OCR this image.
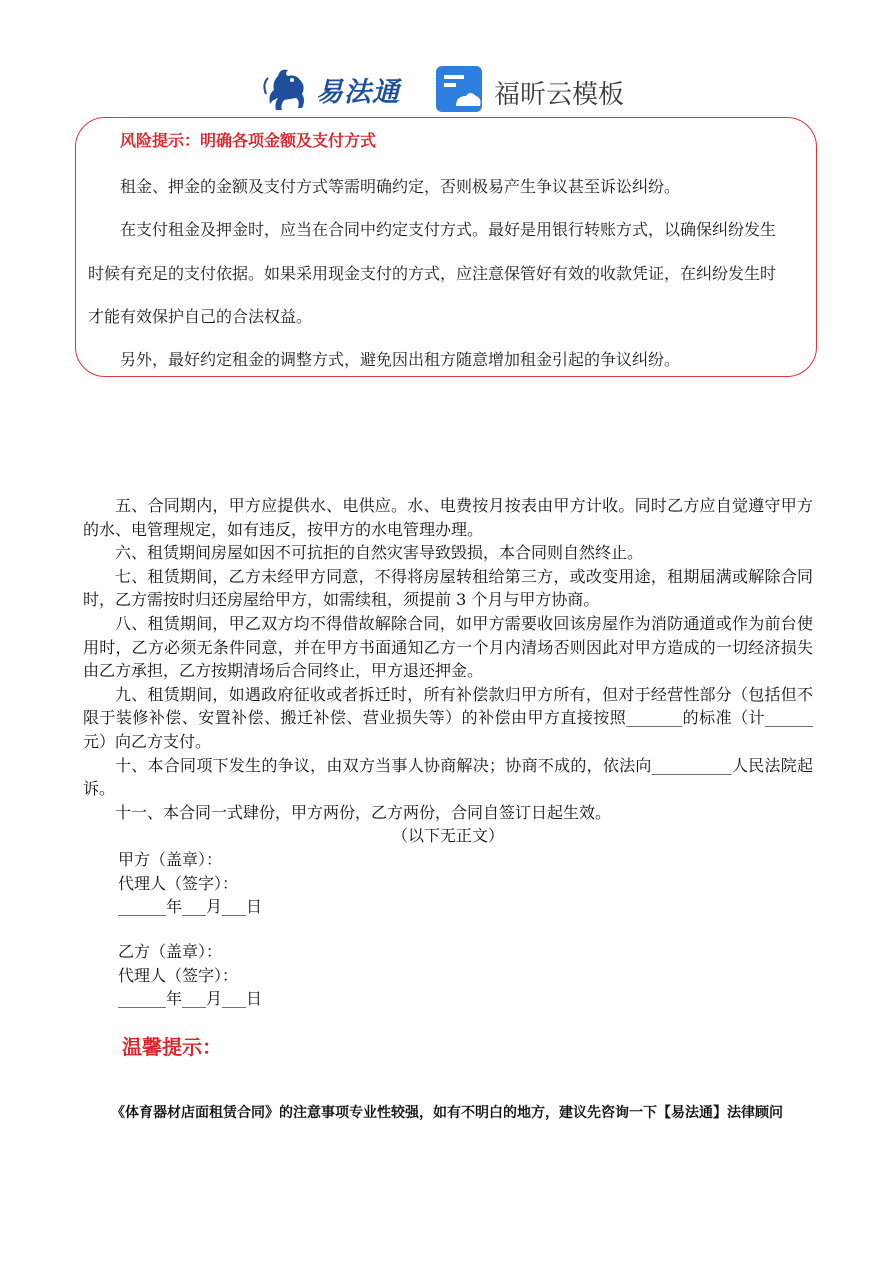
易法通	福昕云模板
风险提示：明确各项金额及支付方式
租金、押金的金额及支付方式等需明确约定，否则极易产生争议甚至诉讼纠纷。
在支付租金及押金时，应当在合同中约定支付方式。最好是用银行转账方式，以确保纠纷发生
时候有充足的支付依据。如果采用现金支付的方式，应注意保管好有效的收款凭证，在纠纷发生时
才能有效保护自己的合法权益。
另外，最好约定租金的调整方式，避免因出租方随意增加租金引起的争议纠纷。

五、合同期内，甲方应提供水、电供应。水、电费按月按表由甲方计收。同时乙方应自觉遵守甲方的水、电管理规定，如有违反，按甲方的水电管理办理。

六、租赁期间房屋如因不可抗拒的自然灾害导致毁损，本合同则自然终止。

七、租赁期间，乙方未经甲方同意，不得将房屋转租给第三方，或改变用途，租期届满或解除合同时，乙方需按时归还房屋给甲方，如需续租，须提前 3 个月与甲方协商。

八、租赁期间，甲乙双方均不得借故解除合同，如甲方需要收回该房屋作为消防通道或作为前台使用时，乙方必须无条件同意，并在甲方书面通知乙方一个月内清场否则因此对甲方造成的一切经济损失由乙方承担，乙方按期清场后合同终止，甲方退还押金。

九、租赁期间，如遇政府征收或者拆迁时，所有补偿款归甲方所有，但对于经营性部分（包括但不限于装修补偿、安置补偿、搬迁补偿、营业损失等）的补偿由甲方直接按照_______的标准（计______元）向乙方支付。

十、本合同项下发生的争议，由双方当事人协商解决；协商不成的，依法向__________人民法院起诉。

十一、本合同一式肆份，甲方两份，乙方两份，合同自签订日起生效。

（以下无正文）

甲方（盖章）：
代理人（签字）：
______年___月___日
乙方（盖章）：
代理人（签字）：
______年___月___日
温馨提示：
《体育器材店面租赁合同》的注意事项专业性较强，如有不明白的地方，建议先咨询一下【易法通】法律顾问
